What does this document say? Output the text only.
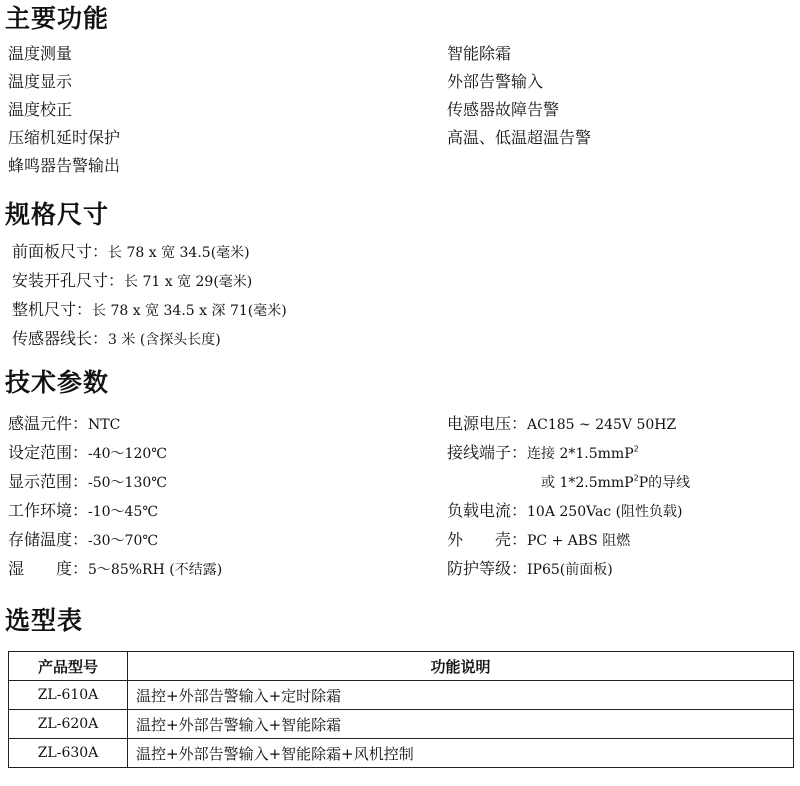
主要功能
温度测量
温度显示
温度校正
压缩机延时保护
蜂鸣器告警输出
智能除霜
外部告警输入
传感器故障告警
高温、低温超温告警
规格尺寸
前面板尺寸：长 78 x 宽 34.5(毫米)
安装开孔尺寸：长 71 x 宽 29(毫米)
整机尺寸：长 78 x 宽 34.5 x 深 71(毫米)
传感器线长：3 米 (含探头长度)
技术参数
感温元件：NTC
设定范围：-40～120℃
显示范围：-50～130℃
工作环境：-10～45℃
存储温度：-30～70℃
湿　　度：5～85%RH (不结露)
电源电压：AC185 ~ 245V 50HZ
接线端子：连接 2*1.5mmP$^2$
或 1*2.5mmP$^2$P的导线
负载电流：10A 250Vac (阻性负载)
外　　壳：PC + ABS 阻燃
防护等级：IP65(前面板)
选型表
产品型号	功能说明
ZL-610A	温控+外部告警输入+定时除霜
ZL-620A	温控+外部告警输入+智能除霜
ZL-630A	温控+外部告警输入+智能除霜+风机控制
